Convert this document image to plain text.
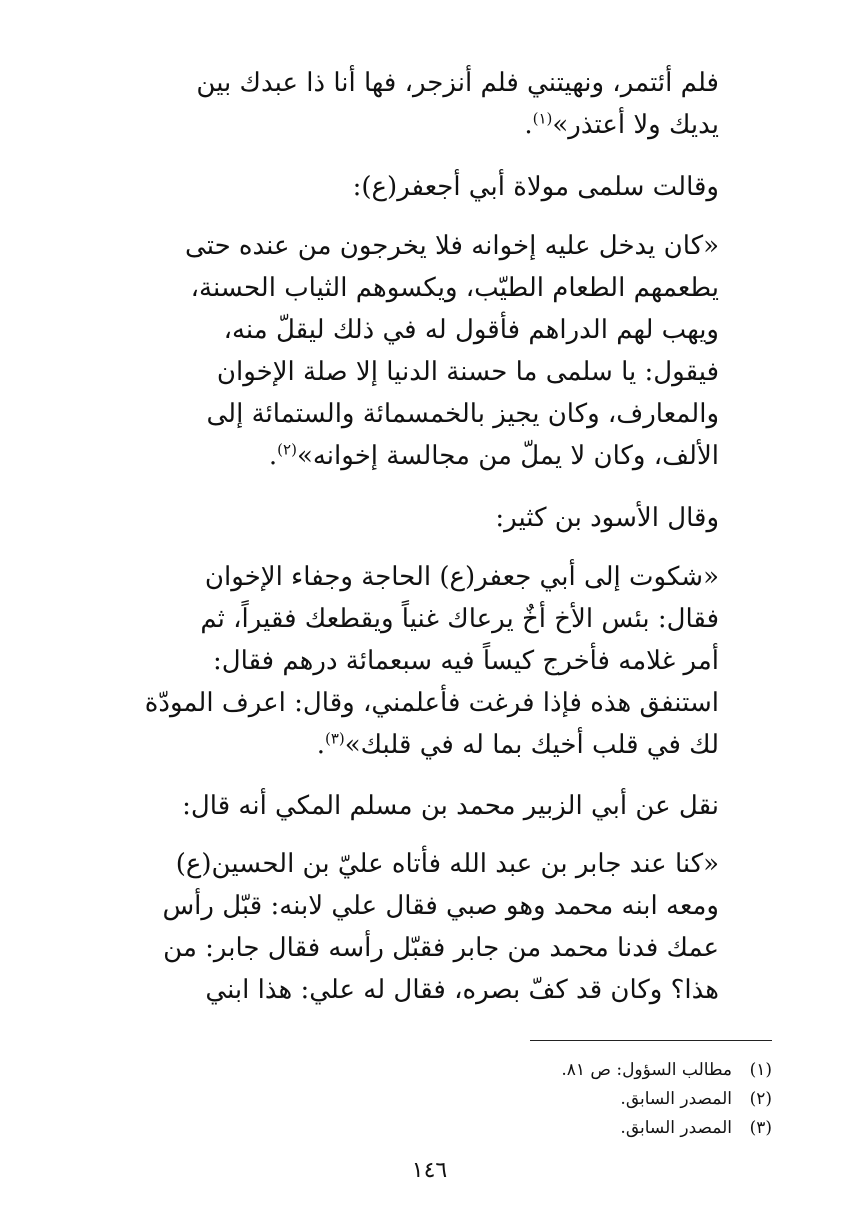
فلم أئتمر، ونهيتني فلم أنزجر، فها أنا ذا عبدك بين
يديك ولا أعتذر»$^{(١)}$.
وقالت سلمى مولاة أبي أجعفر(ع):
«كان يدخل عليه إخوانه فلا يخرجون من عنده حتى
يطعمهم الطعام الطيّب، ويكسوهم الثياب الحسنة،
ويهب لهم الدراهم فأقول له في ذلك ليقلّ منه،
فيقول: يا سلمى ما حسنة الدنيا إلا صلة الإخوان
والمعارف، وكان يجيز بالخمسمائة والستمائة إلى
الألف، وكان لا يملّ من مجالسة إخوانه»$^{(٢)}$.
وقال الأسود بن كثير:
«شكوت إلى أبي جعفر(ع) الحاجة وجفاء الإخوان
فقال: بئس الأخ أخٌ يرعاك غنياً ويقطعك فقيراً، ثم
أمر غلامه فأخرج كيساً فيه سبعمائة درهم فقال:
استنفق هذه فإذا فرغت فأعلمني، وقال: اعرف المودّة
لك في قلب أخيك بما له في قلبك»$^{(٣)}$.
نقل عن أبي الزبير محمد بن مسلم المكي أنه قال:
«كنا عند جابر بن عبد الله فأتاه عليّ بن الحسين(ع)
ومعه ابنه محمد وهو صبي فقال علي لابنه: قبّل رأس
عمك فدنا محمد من جابر فقبّل رأسه فقال جابر: من
هذا؟ وكان قد كفّ بصره، فقال له علي: هذا ابني
(١)مطالب السؤول: ص ٨١.
(٢)المصدر السابق.
(٣)المصدر السابق.
١٤٦
